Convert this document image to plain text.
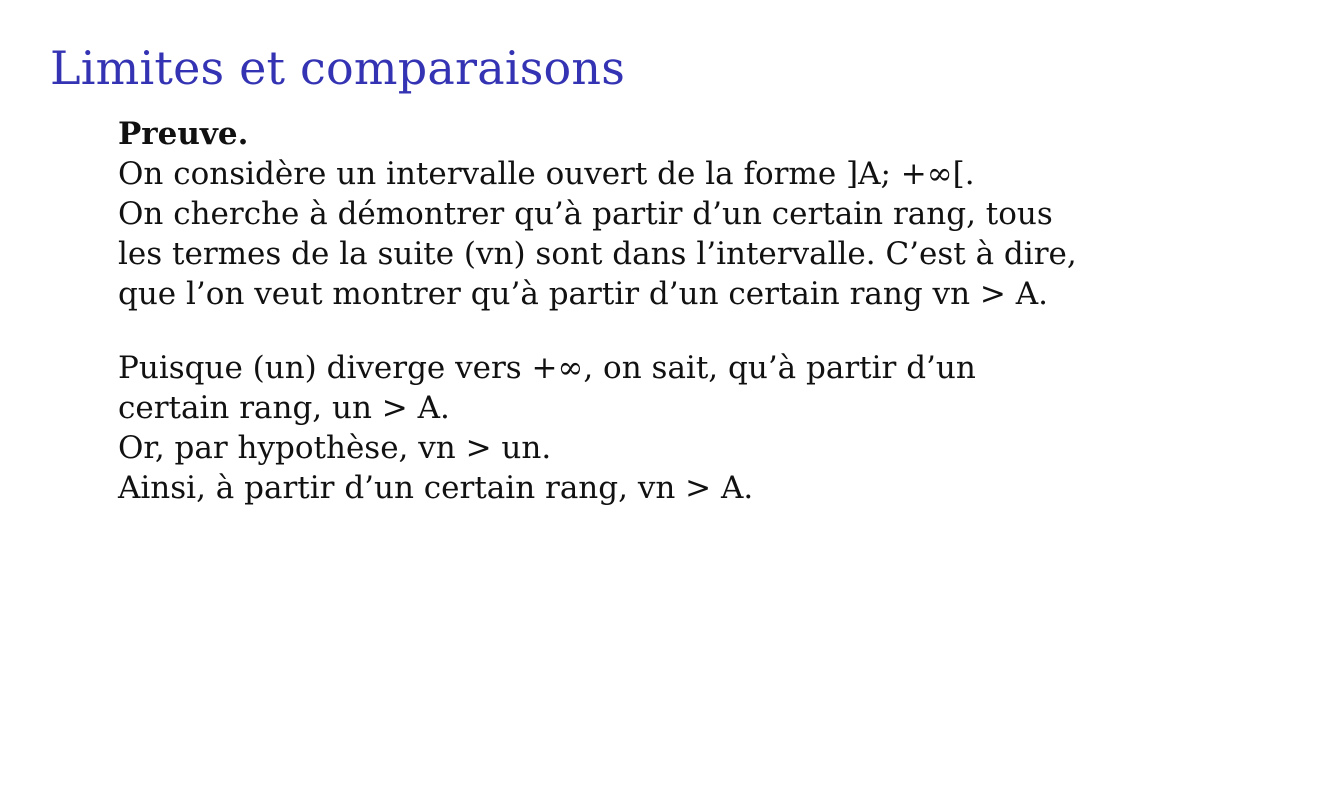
Limites et comparaisons
Preuve.
On considère un intervalle ouvert de la forme ]A; +∞[.
On cherche à démontrer qu’à partir d’un certain rang, tous
les termes de la suite (vn) sont dans l’intervalle. C’est à dire,
que l’on veut montrer qu’à partir d’un certain rang vn > A.
Puisque (un) diverge vers +∞, on sait, qu’à partir d’un
certain rang, un > A.
Or, par hypothèse, vn > un.
Ainsi, à partir d’un certain rang, vn > A.
